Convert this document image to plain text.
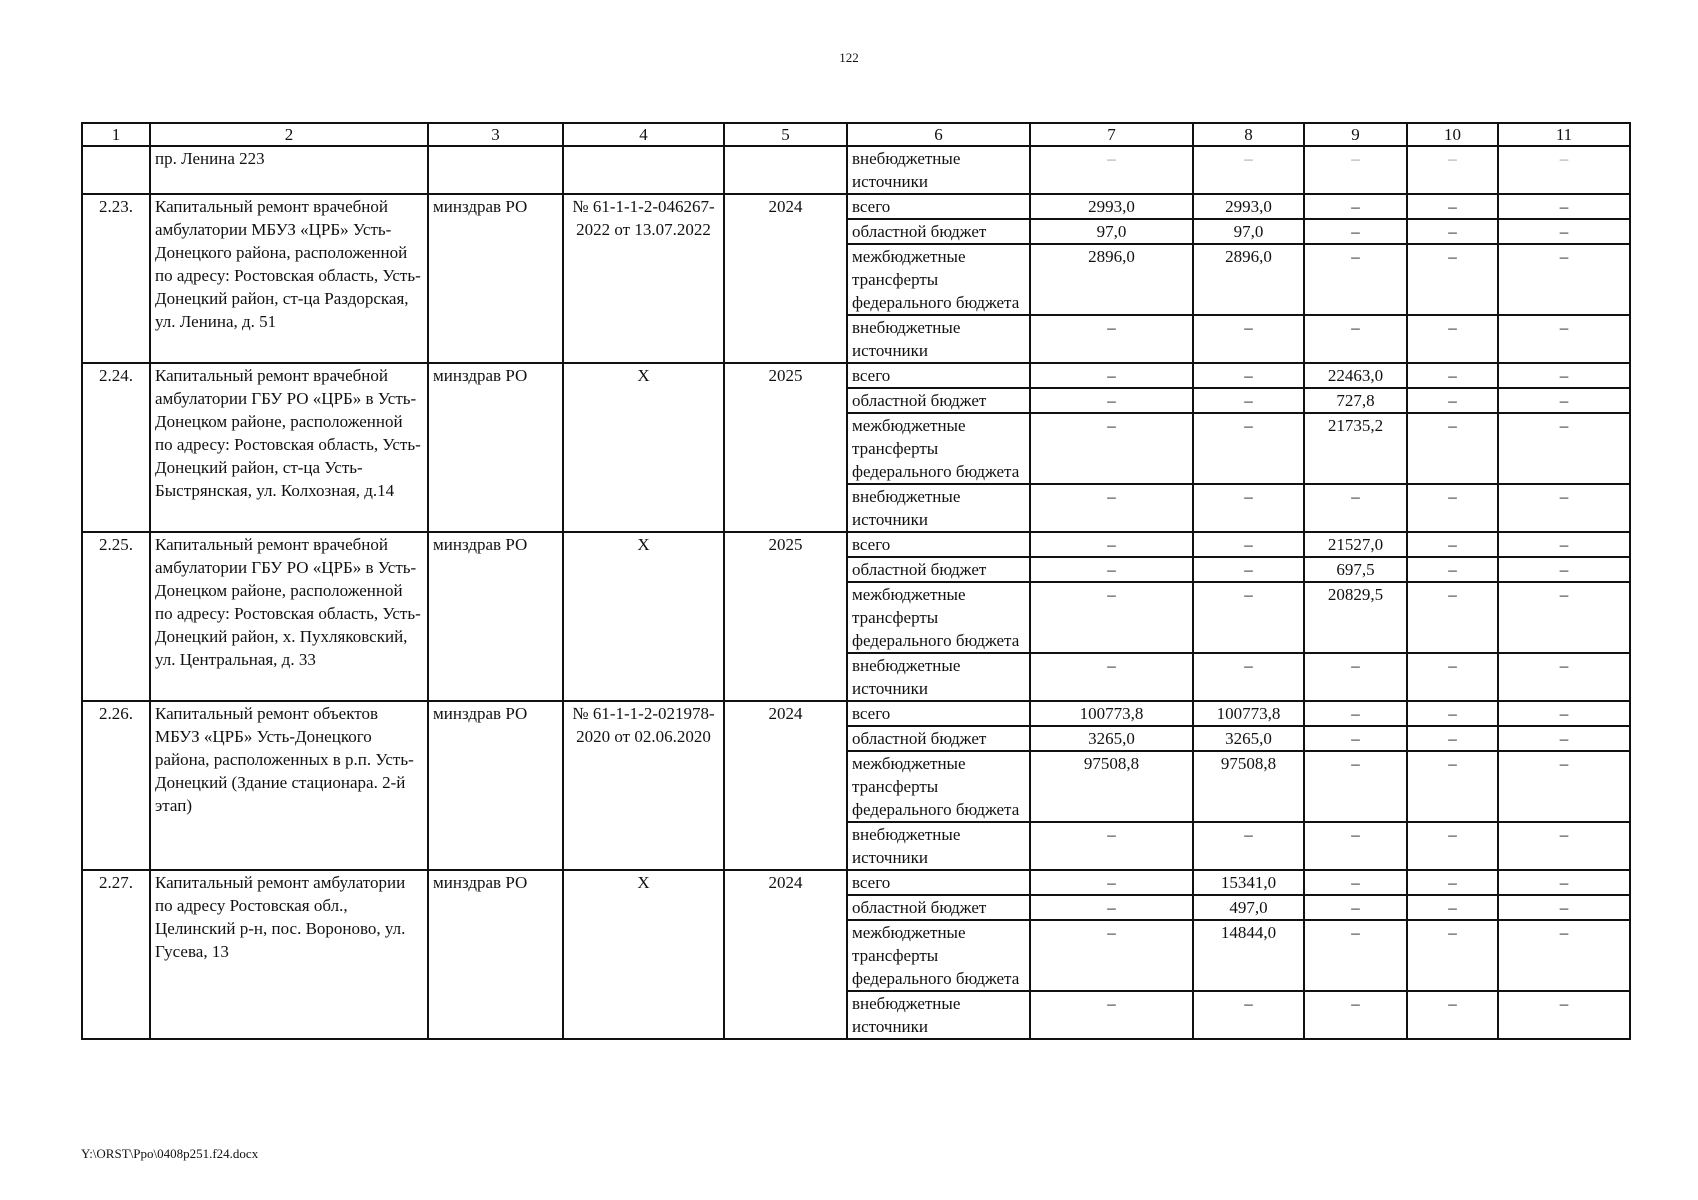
122
1	2	3	4	5	6	7	8	9	10	11
	пр. Ленина 223				внебюджетные источники	–	–	–	–	–
2.23.	Капитальный ремонт врачебной амбулатории МБУЗ «ЦРБ» Усть-Донецкого района, расположенной по адресу: Ростовская область, Усть-Донецкий район, ст-ца Раздорская, ул. Ленина, д. 51	минздрав РО	№ 61-1-1-2-046267-2022 от 13.07.2022	2024	всего	2993,0	2993,0	–	–	–
					областной бюджет	97,0	97,0	–	–	–
					межбюджетные трансферты федерального бюджета	2896,0	2896,0	–	–	–
					внебюджетные источники	–	–	–	–	–
2.24.	Капитальный ремонт врачебной амбулатории ГБУ РО «ЦРБ» в Усть-Донецком районе, расположенной по адресу: Ростовская область, Усть-Донецкий район, ст-ца Усть-Быстрянская, ул. Колхозная, д.14	минздрав РО	Х	2025	всего	–	–	22463,0	–	–
					областной бюджет	–	–	727,8	–	–
					межбюджетные трансферты федерального бюджета	–	–	21735,2	–	–
					внебюджетные источники	–	–	–	–	–
2.25.	Капитальный ремонт врачебной амбулатории ГБУ РО «ЦРБ» в Усть-Донецком районе, расположенной по адресу: Ростовская область, Усть-Донецкий район, х. Пухляковский, ул. Центральная, д. 33	минздрав РО	Х	2025	всего	–	–	21527,0	–	–
					областной бюджет	–	–	697,5	–	–
					межбюджетные трансферты федерального бюджета	–	–	20829,5	–	–
					внебюджетные источники	–	–	–	–	–
2.26.	Капитальный ремонт объектов МБУЗ «ЦРБ» Усть-Донецкого района, расположенных в р.п. Усть-Донецкий (Здание стационара. 2-й этап)	минздрав РО	№ 61-1-1-2-021978-2020 от 02.06.2020	2024	всего	100773,8	100773,8	–	–	–
					областной бюджет	3265,0	3265,0	–	–	–
					межбюджетные трансферты федерального бюджета	97508,8	97508,8	–	–	–
					внебюджетные источники	–	–	–	–	–
2.27.	Капитальный ремонт амбулатории по адресу Ростовская обл., Целинский р-н, пос. Вороново, ул. Гусева, 13	минздрав РО	Х	2024	всего	–	15341,0	–	–	–
					областной бюджет	–	497,0	–	–	–
					межбюджетные трансферты федерального бюджета	–	14844,0	–	–	–
					внебюджетные источники	–	–	–	–	–
Y:\ORST\Ppo\0408p251.f24.docx
